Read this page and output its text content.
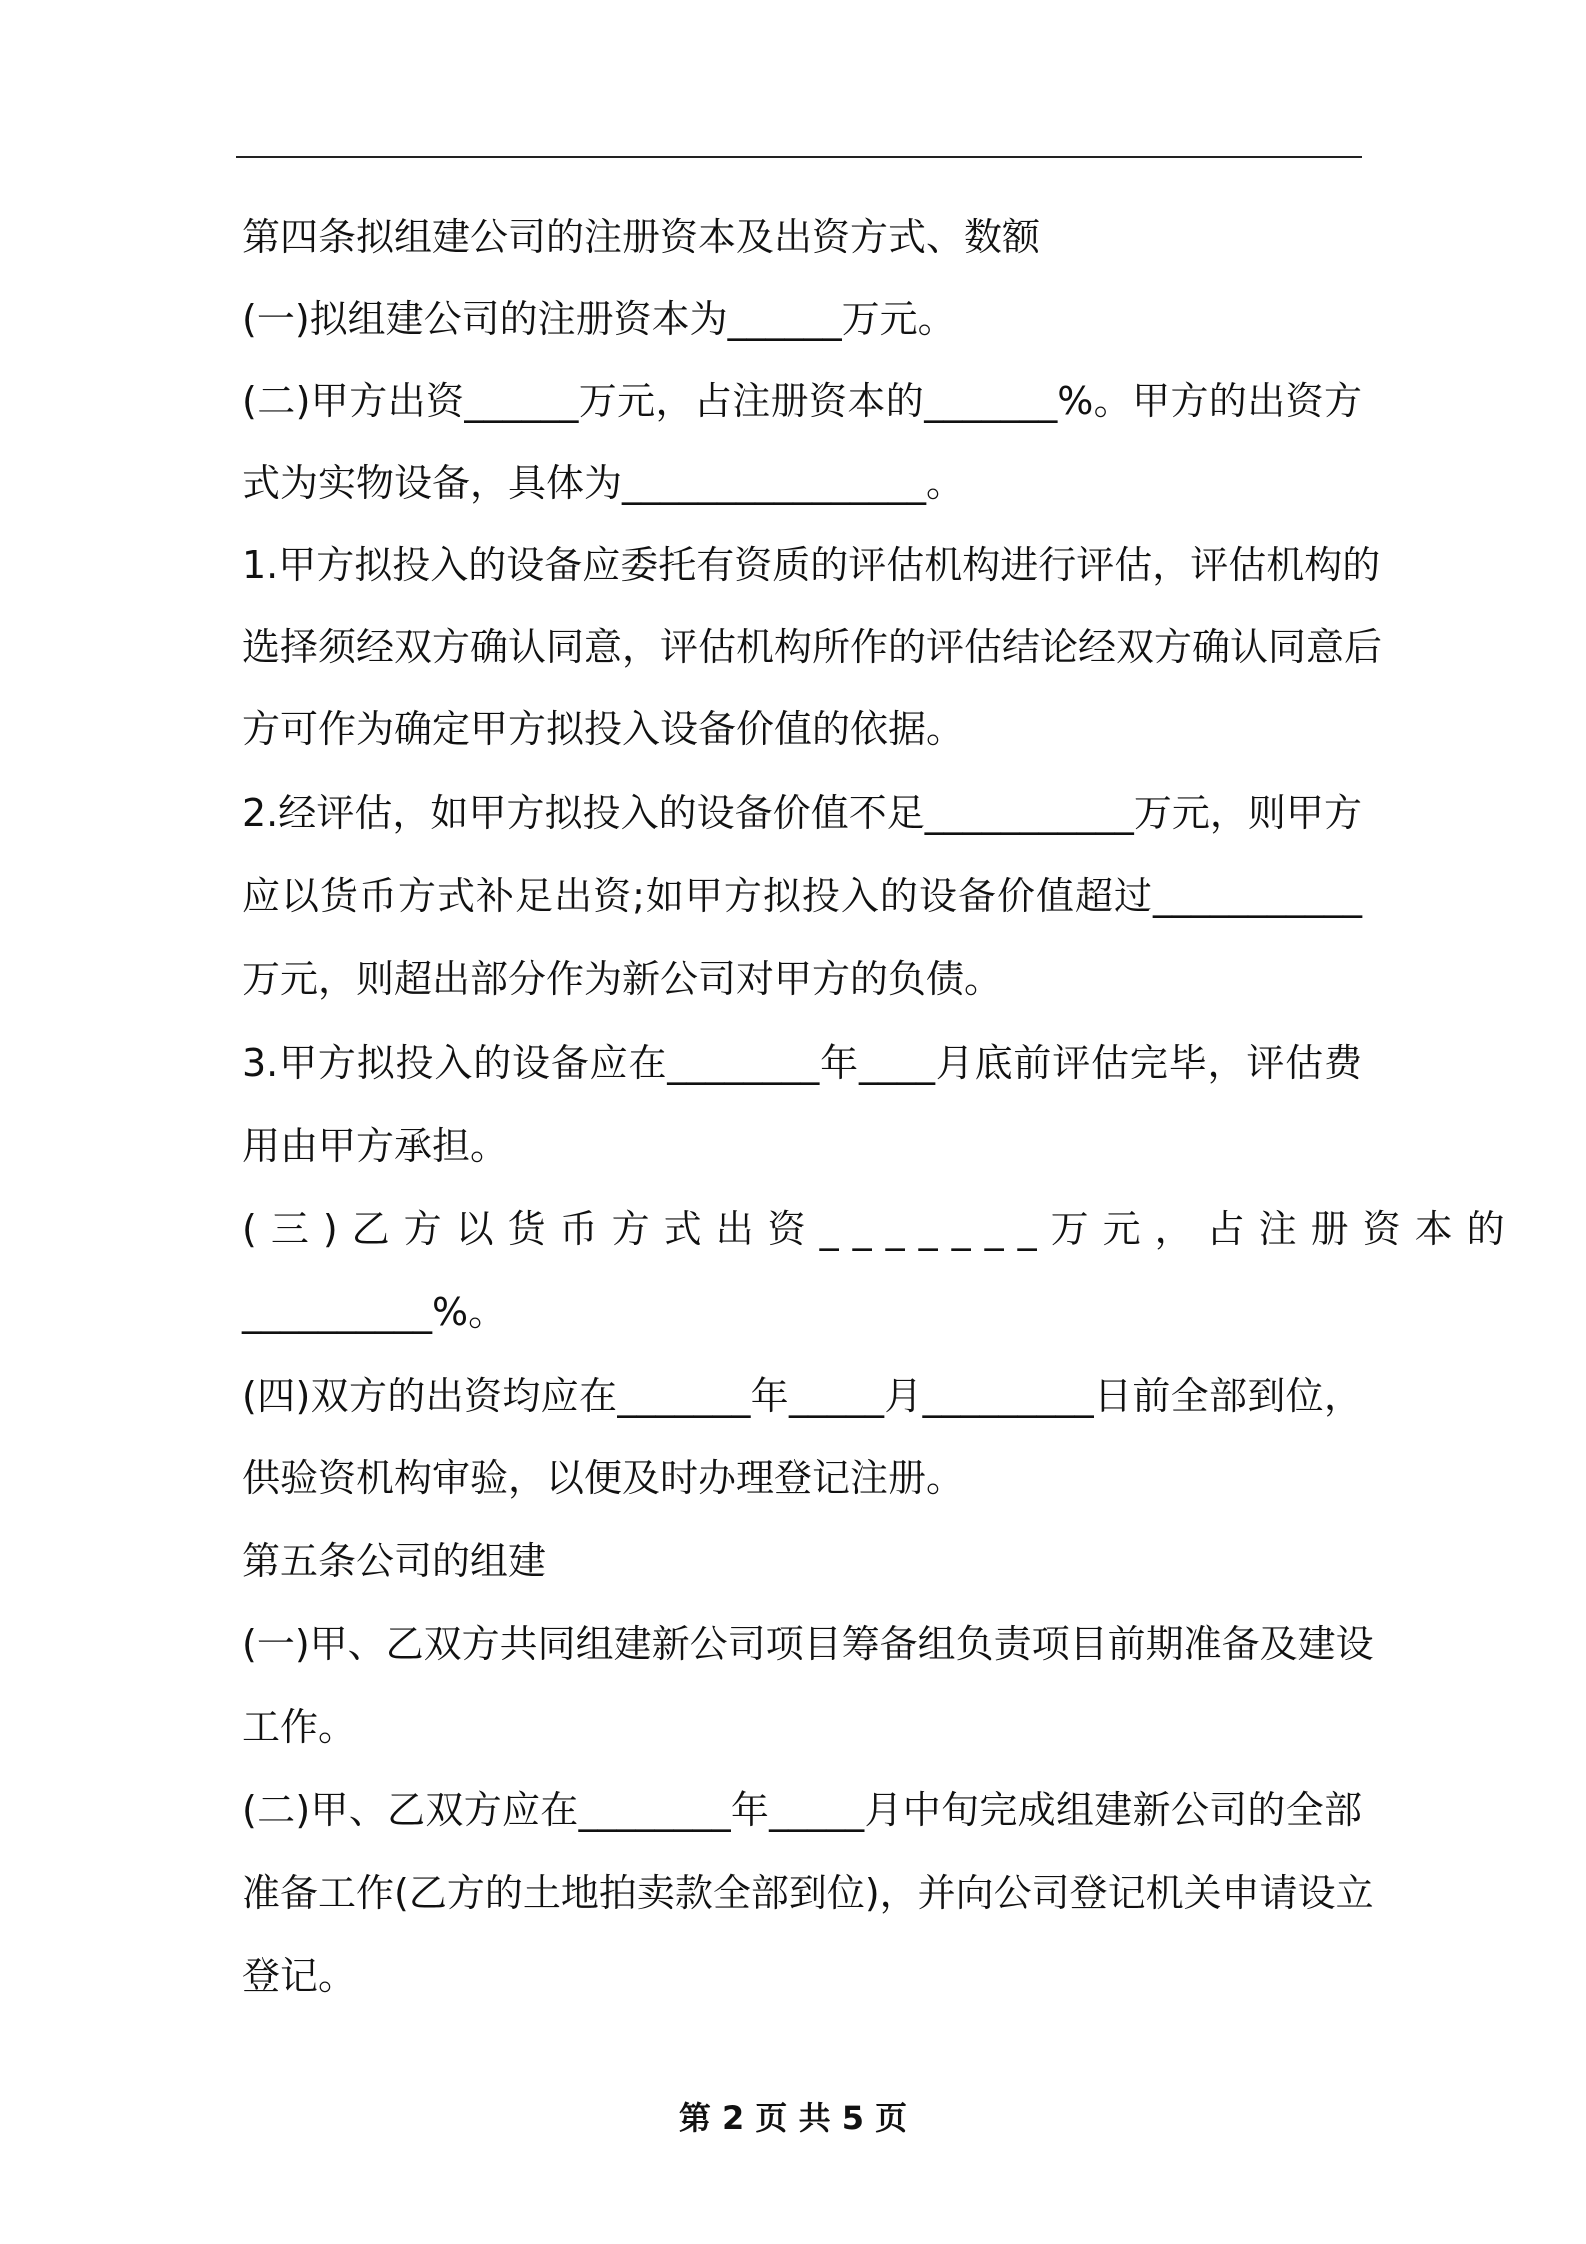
第四条拟组建公司的注册资本及出资方式、数额
(一)拟组建公司的注册资本为______万元。
(二)甲方出资______万元，占注册资本的_______%。甲方的出资方
式为实物设备，具体为________________。
1.甲方拟投入的设备应委托有资质的评估机构进行评估，评估机构的
选择须经双方确认同意，评估机构所作的评估结论经双方确认同意后
方可作为确定甲方拟投入设备价值的依据。
2.经评估，如甲方拟投入的设备价值不足___________万元，则甲方
应以货币方式补足出资;如甲方拟投入的设备价值超过___________
万元，则超出部分作为新公司对甲方的负债。
3.甲方拟投入的设备应在________年____月底前评估完毕，评估费
用由甲方承担。
(三)乙方以货币方式出资_______万元，占注册资本的
__________%。
(四)双方的出资均应在_______年_____月_________日前全部到位，
供验资机构审验，以便及时办理登记注册。
第五条公司的组建
(一)甲、乙双方共同组建新公司项目筹备组负责项目前期准备及建设
工作。
(二)甲、乙双方应在________年_____月中旬完成组建新公司的全部
准备工作(乙方的土地拍卖款全部到位)，并向公司登记机关申请设立
登记。
第 2 页 共 5 页
